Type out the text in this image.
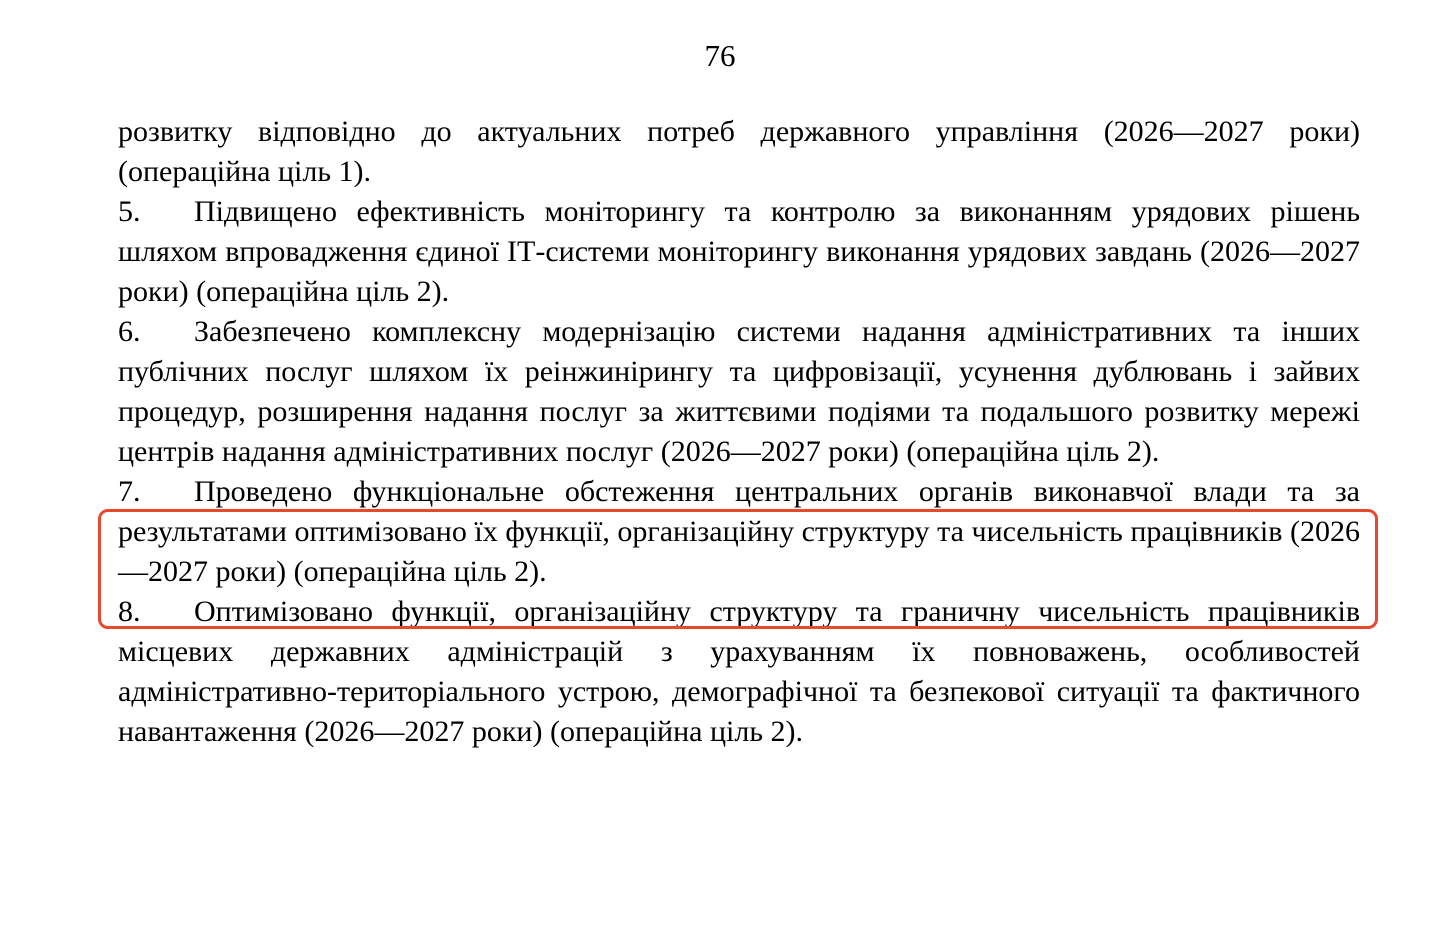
76

розвитку відповідно до актуальних потреб державного управління (2026—2027 роки) (операційна ціль 1).

5. Підвищено ефективність моніторингу та контролю за виконанням урядових рішень шляхом впровадження єдиної ІТ-системи моніторингу виконання урядових завдань (2026—2027 роки) (операційна ціль 2).

6. Забезпечено комплексну модернізацію системи надання адміністративних та інших публічних послуг шляхом їх реінжинірингу та цифровізації, усунення дублювань і зайвих процедур, розширення надання послуг за життєвими подіями та подальшого розвитку мережі центрів надання адміністративних послуг (2026—2027 роки) (операційна ціль 2).

7. Проведено функціональне обстеження центральних органів виконавчої влади та за результатами оптимізовано їх функції, організаційну структуру та чисельність працівників (2026—2027 роки) (операційна ціль 2).

8. Оптимізовано функції, організаційну структуру та граничну чисельність працівників місцевих державних адміністрацій з урахуванням їх повноважень, особливостей адміністративно-територіального устрою, демографічної та безпекової ситуації та фактичного навантаження (2026—2027 роки) (операційна ціль 2).
